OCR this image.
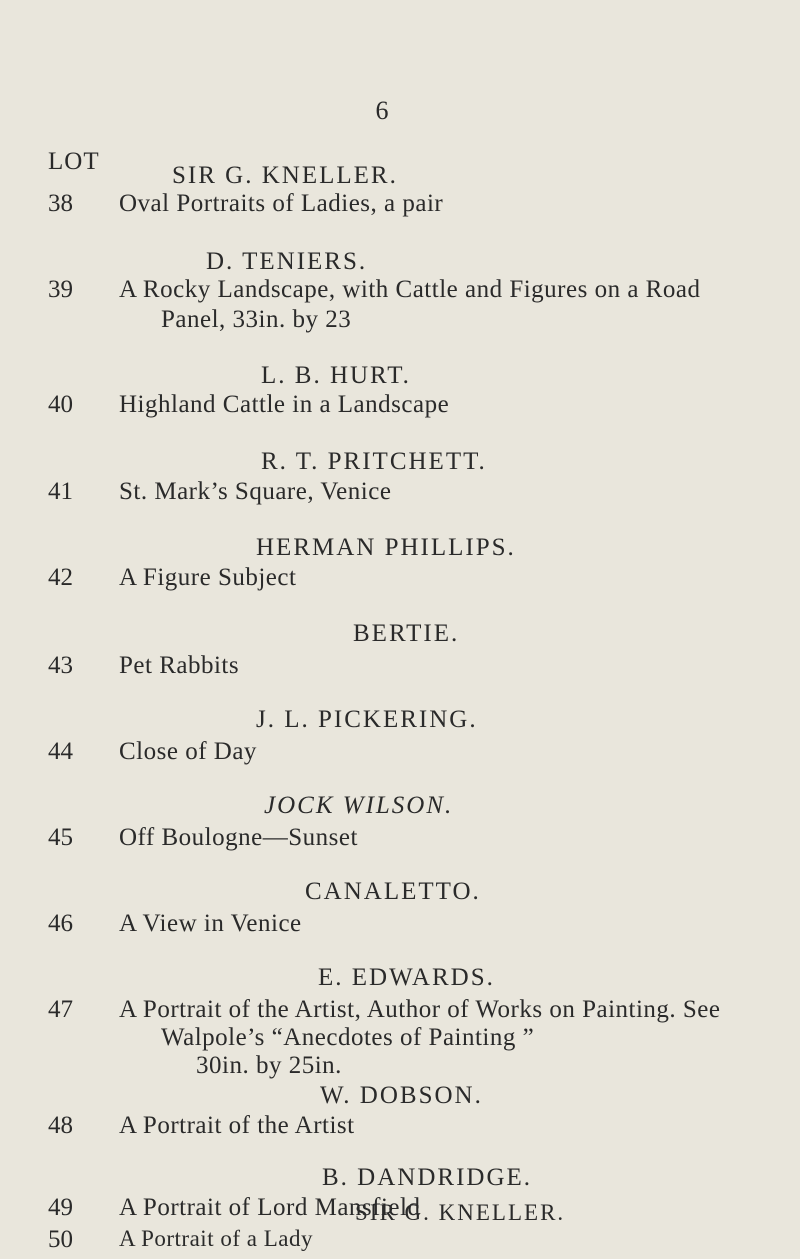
6
LOT
38
SIR G. KNELLER.
Oval Portraits of Ladies, a pair
39
D. TENIERS.
A Rocky Landscape, with Cattle and Figures on a Road
Panel, 33in. by 23
40
L. B. HURT.
Highland Cattle in a Landscape
41
R. T. PRITCHETT.
St. Mark’s Square, Venice
42
HERMAN PHILLIPS.
A Figure Subject
43
BERTIE.
Pet Rabbits
44
J. L. PICKERING.
Close of Day
45
JOCK WILSON.
Off Boulogne—Sunset
46
CANALETTO.
A View in Venice
47
E. EDWARDS.
A Portrait of the Artist, Author of Works on Painting. See
Walpole’s “Anecdotes of Painting ”
30in. by 25in.
48
W. DOBSON.
A Portrait of the Artist
49
B. DANDRIDGE.
A Portrait of Lord Mansfield
50
SIR G. KNELLER.
A Portrait of a Lady
